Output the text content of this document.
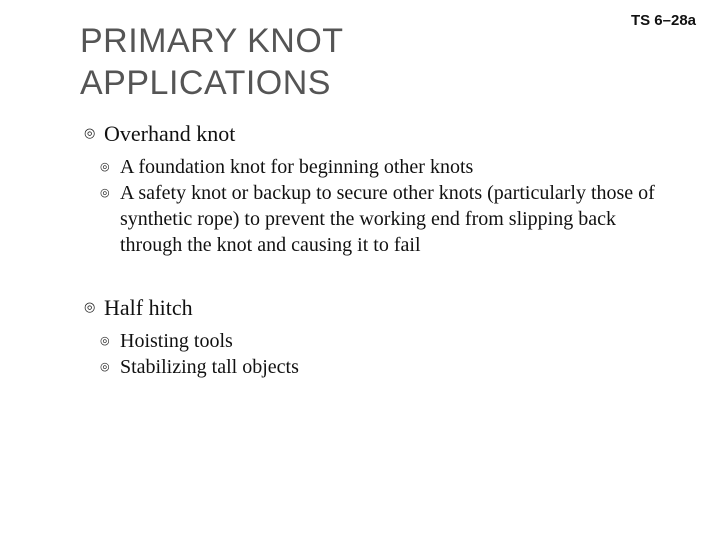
PRIMARY KNOT
APPLICATIONS
TS 6–28a
◎ Overhand knot
◎ A foundation knot for beginning other knots
◎ A safety knot or backup to secure other knots (particularly those of synthetic rope) to prevent the working end from slipping back through the knot and causing it to fail
◎ Half hitch
◎ Hoisting tools
◎ Stabilizing tall objects
